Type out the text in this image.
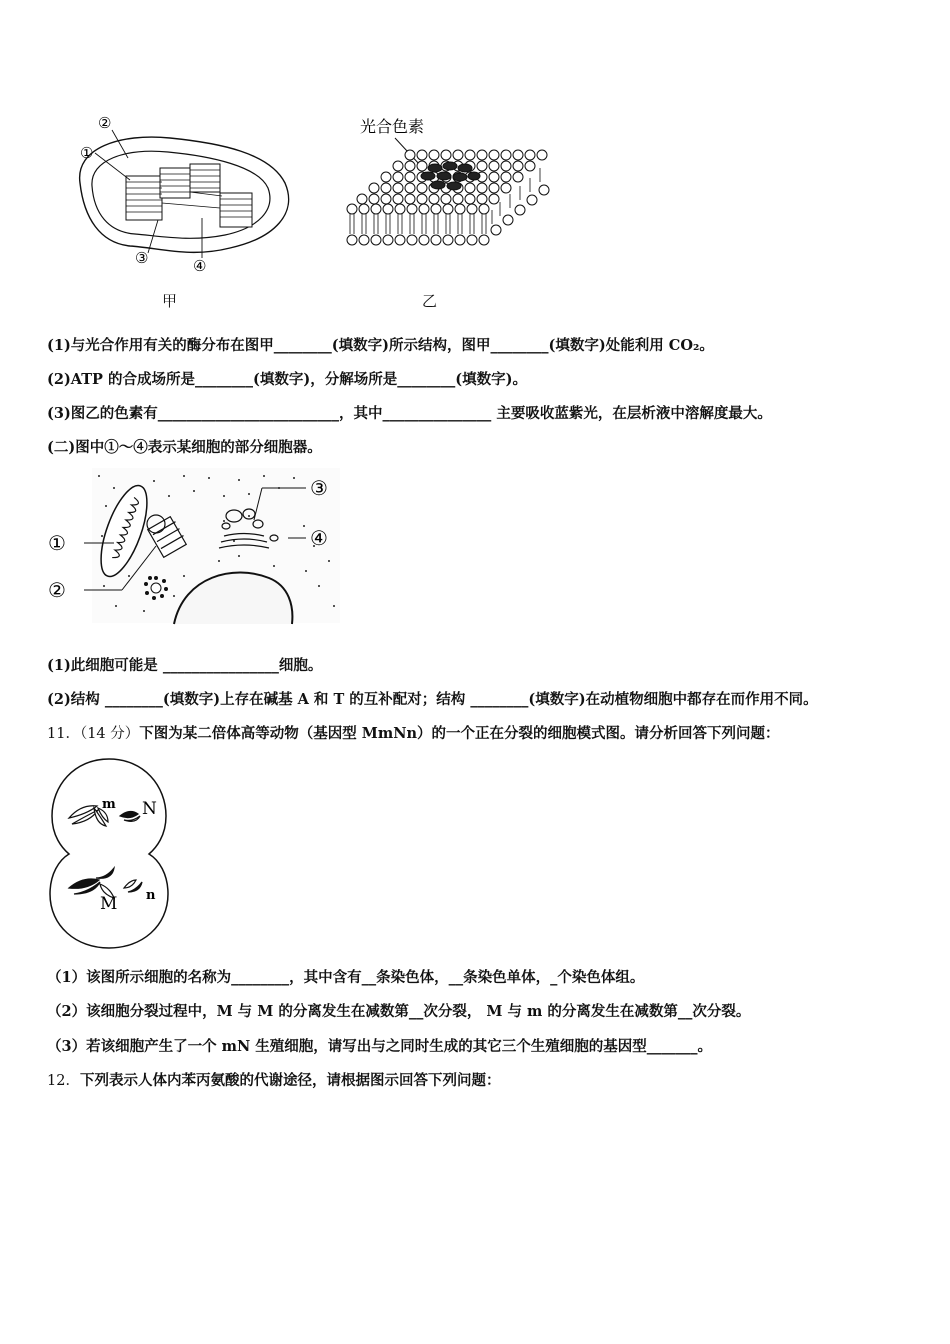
①
②
③	④
甲
光合色素
乙
(1)与光合作用有关的酶分布在图甲________(填数字)所示结构，图甲________(填数字)处能利用 CO₂。
(2)ATP 的合成场所是________(填数字)，分解场所是________(填数字)。
(3)图乙的色素有_________________________，其中_______________ 主要吸收蓝紫光，在层析液中溶解度最大。
(二)图中①～④表示某细胞的部分细胞器。
①
②
③
④
(1)此细胞可能是 ________________细胞。
(2)结构 ________(填数字)上存在碱基 A 和 T 的互补配对；结构 ________(填数字)在动植物细胞中都存在而作用不同。
11．（14 分）下图为某二倍体高等动物（基因型 MmNn）的一个正在分裂的细胞模式图。请分析回答下列问题：
m N
M n
（1）该图所示细胞的名称为________，其中含有__条染色体，__条染色单体，_个染色体组。
（2）该细胞分裂过程中，M 与 M 的分离发生在减数第__次分裂， M 与 m 的分离发生在减数第__次分裂。
（3）若该细胞产生了一个 mN 生殖细胞，请写出与之同时生成的其它三个生殖细胞的基因型_______。
12．下列表示人体内苯丙氨酸的代谢途径，请根据图示回答下列问题：
